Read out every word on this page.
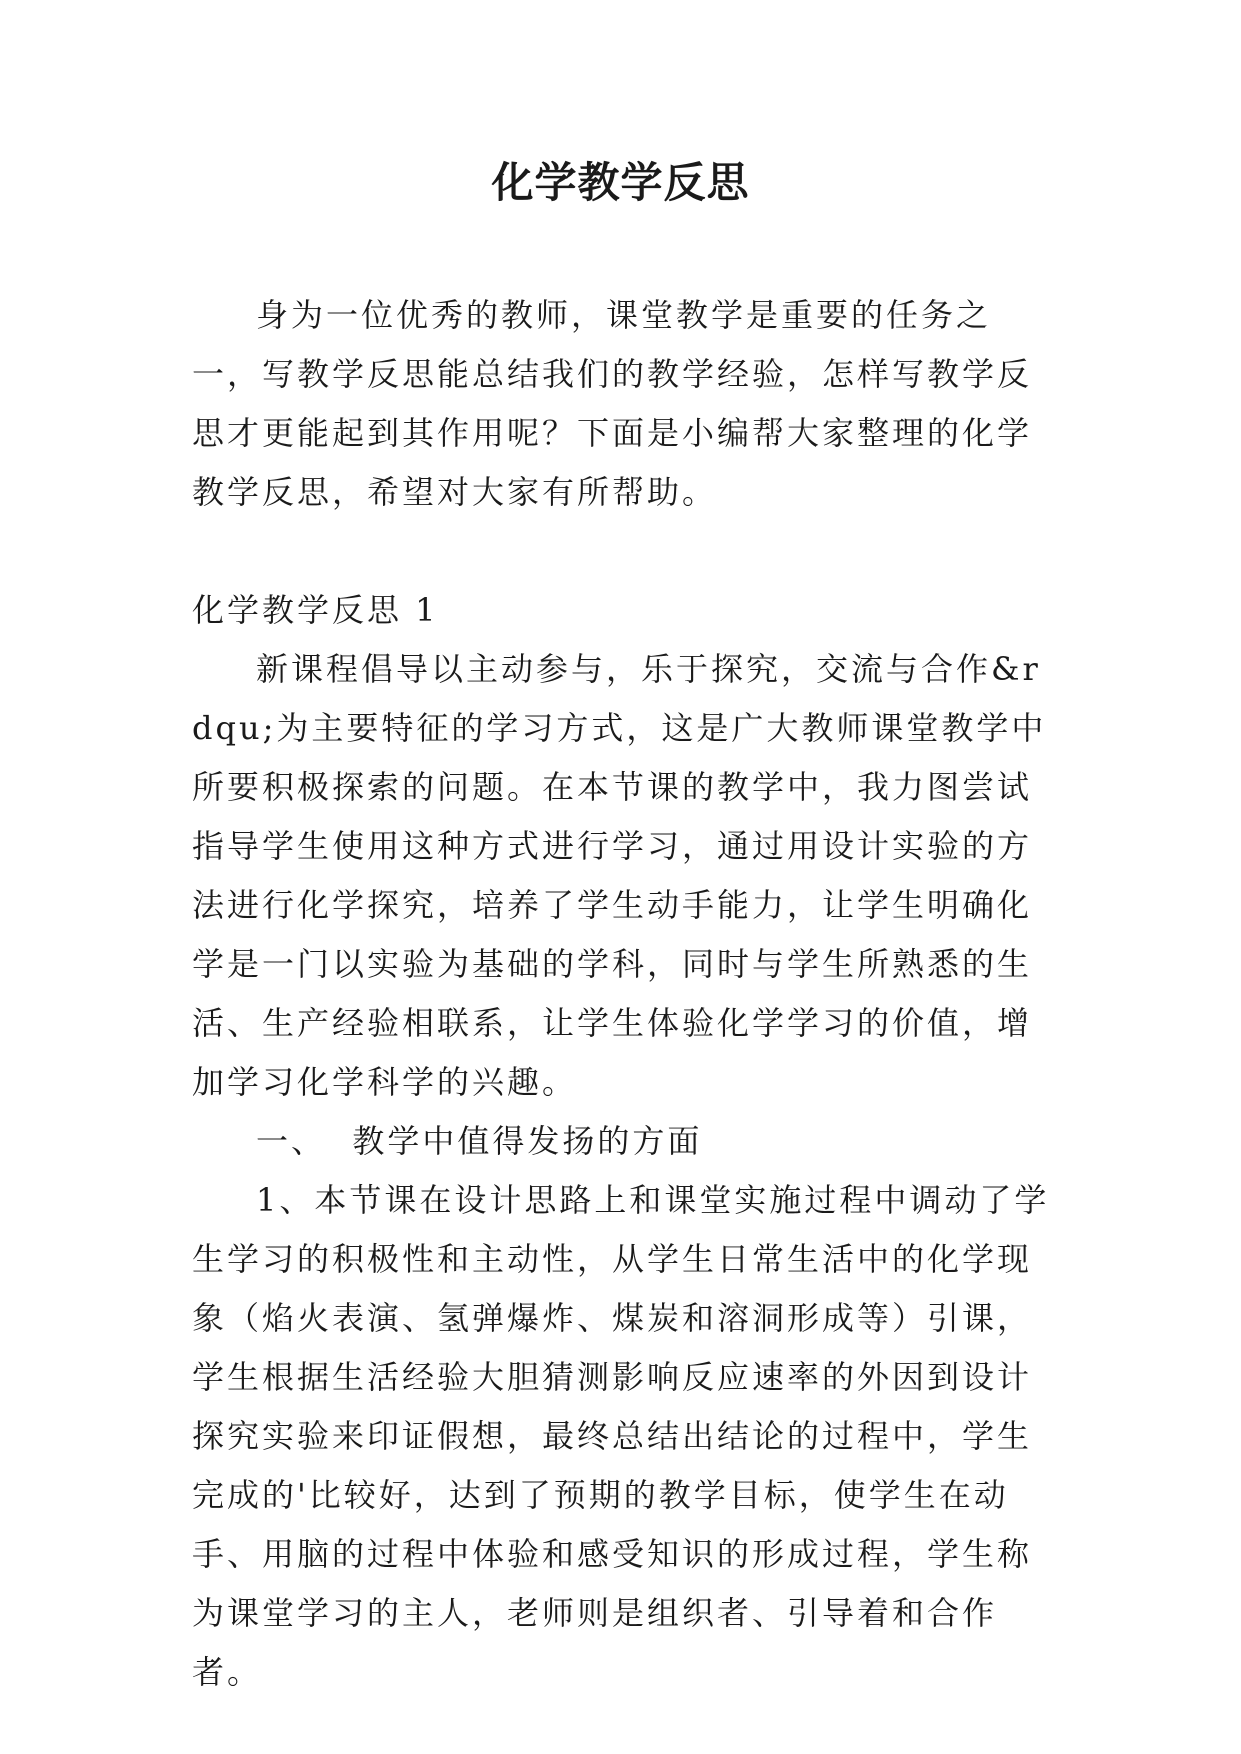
化学教学反思

身为一位优秀的教师，课堂教学是重要的任务之一，写教学反思能总结我们的教学经验，怎样写教学反思才更能起到其作用呢？下面是小编帮大家整理的化学教学反思，希望对大家有所帮助。

化学教学反思 1

新课程倡导以主动参与，乐于探究，交流与合作&rdqu;为主要特征的学习方式，这是广大教师课堂教学中所要积极探索的问题。在本节课的教学中，我力图尝试指导学生使用这种方式进行学习，通过用设计实验的方法进行化学探究，培养了学生动手能力，让学生明确化学是一门以实验为基础的学科，同时与学生所熟悉的生活、生产经验相联系，让学生体验化学学习的价值，增加学习化学科学的兴趣。

一、  教学中值得发扬的方面

1、本节课在设计思路上和课堂实施过程中调动了学生学习的积极性和主动性，从学生日常生活中的化学现象（焰火表演、氢弹爆炸、煤炭和溶洞形成等）引课，学生根据生活经验大胆猜测影响反应速率的外因到设计探究实验来印证假想，最终总结出结论的过程中，学生完成的'比较好，达到了预期的教学目标，使学生在动手、用脑的过程中体验和感受知识的形成过程，学生称为课堂学习的主人，老师则是组织者、引导着和合作者。
